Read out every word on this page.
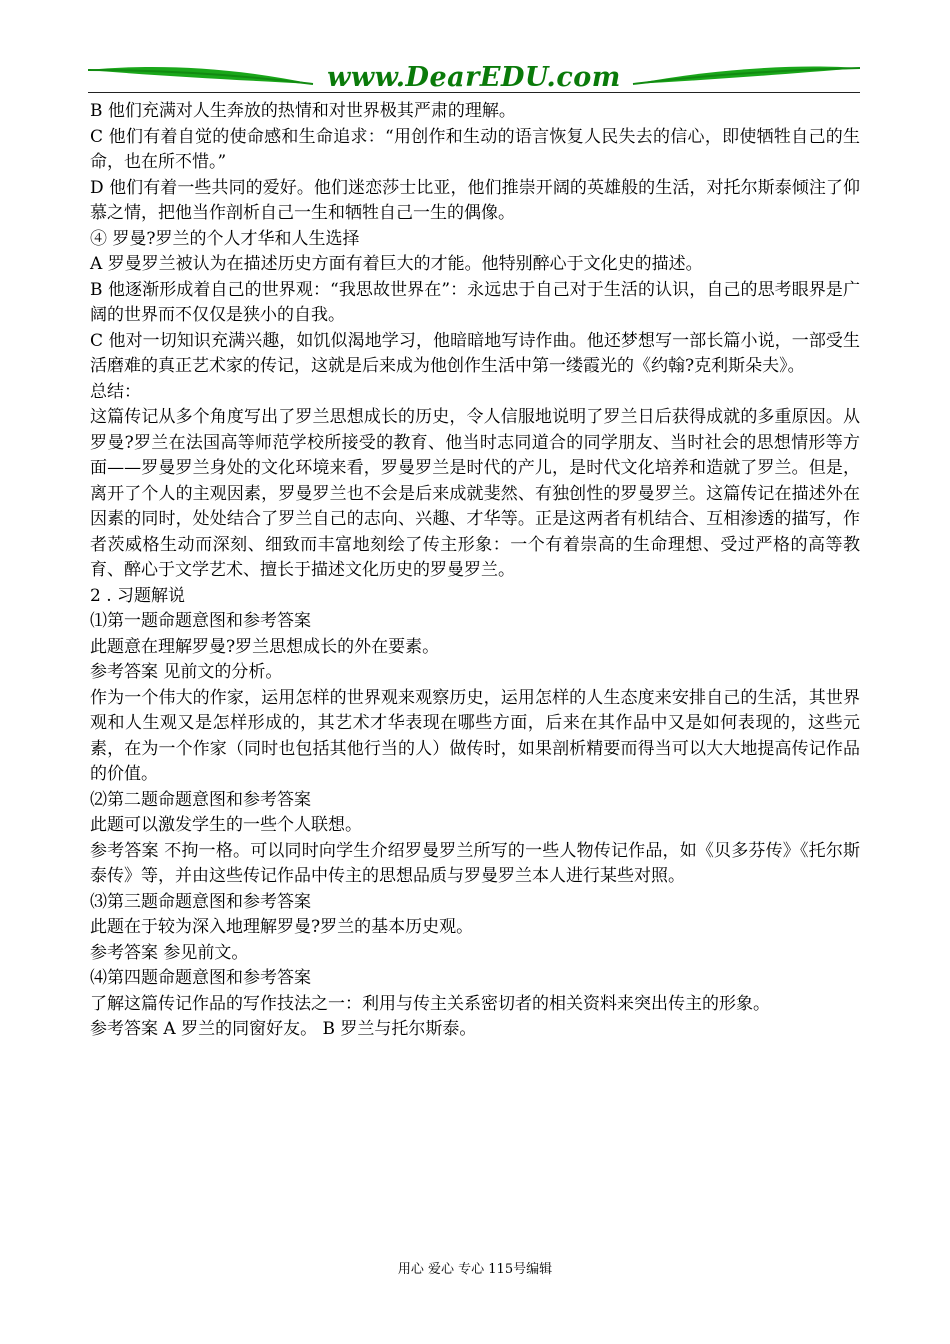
www.DearEDU.com

B 他们充满对人生奔放的热情和对世界极其严肃的理解。

C 他们有着自觉的使命感和生命追求：“用创作和生动的语言恢复人民失去的信心，即使牺牲自己的生命，也在所不惜。”

D 他们有着一些共同的爱好。他们迷恋莎士比亚，他们推崇开阔的英雄般的生活，对托尔斯泰倾注了仰慕之情，把他当作剖析自己一生和牺牲自己一生的偶像。

④ 罗曼?罗兰的个人才华和人生选择

A 罗曼罗兰被认为在描述历史方面有着巨大的才能。他特别醉心于文化史的描述。

B 他逐渐形成着自己的世界观：“我思故世界在”：永远忠于自己对于生活的认识，自己的思考眼界是广阔的世界而不仅仅是狭小的自我。

C 他对一切知识充满兴趣，如饥似渴地学习，他暗暗地写诗作曲。他还梦想写一部长篇小说，一部受生活磨难的真正艺术家的传记，这就是后来成为他创作生活中第一缕霞光的《约翰?克利斯朵夫》。

总结：

这篇传记从多个角度写出了罗兰思想成长的历史，令人信服地说明了罗兰日后获得成就的多重原因。从罗曼?罗兰在法国高等师范学校所接受的教育、他当时志同道合的同学朋友、当时社会的思想情形等方面——罗曼罗兰身处的文化环境来看，罗曼罗兰是时代的产儿，是时代文化培养和造就了罗兰。但是，离开了个人的主观因素，罗曼罗兰也不会是后来成就斐然、有独创性的罗曼罗兰。这篇传记在描述外在因素的同时，处处结合了罗兰自己的志向、兴趣、才华等。正是这两者有机结合、互相渗透的描写，作者茨威格生动而深刻、细致而丰富地刻绘了传主形象：一个有着崇高的生命理想、受过严格的高等教育、醉心于文学艺术、擅长于描述文化历史的罗曼罗兰。

2 . 习题解说

⑴第一题命题意图和参考答案

此题意在理解罗曼?罗兰思想成长的外在要素。

参考答案 见前文的分析。

作为一个伟大的作家，运用怎样的世界观来观察历史，运用怎样的人生态度来安排自己的生活，其世界观和人生观又是怎样形成的，其艺术才华表现在哪些方面，后来在其作品中又是如何表现的，这些元素，在为一个作家（同时也包括其他行当的人）做传时，如果剖析精要而得当可以大大地提高传记作品的价值。

⑵第二题命题意图和参考答案

此题可以激发学生的一些个人联想。

参考答案 不拘一格。可以同时向学生介绍罗曼罗兰所写的一些人物传记作品，如《贝多芬传》《托尔斯泰传》等，并由这些传记作品中传主的思想品质与罗曼罗兰本人进行某些对照。

⑶第三题命题意图和参考答案

此题在于较为深入地理解罗曼?罗兰的基本历史观。

参考答案 参见前文。

⑷第四题命题意图和参考答案

了解这篇传记作品的写作技法之一：利用与传主关系密切者的相关资料来突出传主的形象。

参考答案 A 罗兰的同窗好友。 B 罗兰与托尔斯泰。

用心 爱心 专心 115号编辑
